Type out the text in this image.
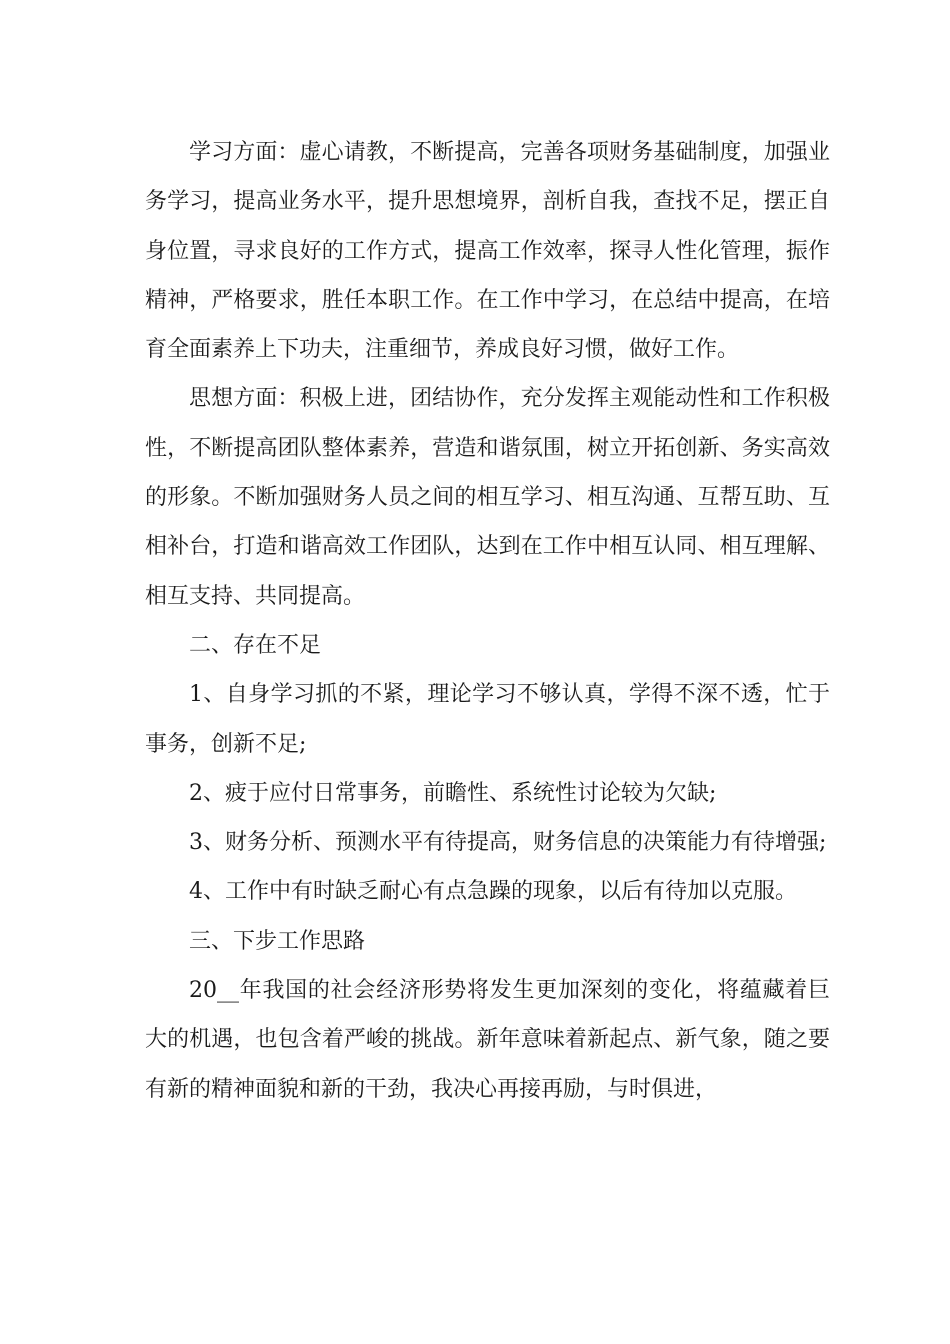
学习方面：虚心请教，不断提高，完善各项财务基础制度，加强业务学习，提高业务水平，提升思想境界，剖析自我，查找不足，摆正自身位置，寻求良好的工作方式，提高工作效率，探寻人性化管理，振作精神，严格要求，胜任本职工作。在工作中学习，在总结中提高，在培育全面素养上下功夫，注重细节，养成良好习惯，做好工作。

思想方面：积极上进，团结协作，充分发挥主观能动性和工作积极性，不断提高团队整体素养，营造和谐氛围，树立开拓创新、务实高效的形象。不断加强财务人员之间的相互学习、相互沟通、互帮互助、互相补台，打造和谐高效工作团队，达到在工作中相互认同、相互理解、相互支持、共同提高。

二、存在不足

1、自身学习抓的不紧，理论学习不够认真，学得不深不透，忙于事务，创新不足;

2、疲于应付日常事务，前瞻性、系统性讨论较为欠缺;

3、财务分析、预测水平有待提高，财务信息的决策能力有待增强;

4、工作中有时缺乏耐心有点急躁的现象，以后有待加以克服。

三、下步工作思路

20__年我国的社会经济形势将发生更加深刻的变化，将蕴藏着巨大的机遇，也包含着严峻的挑战。新年意味着新起点、新气象，随之要有新的精神面貌和新的干劲，我决心再接再励，与时俱进，
